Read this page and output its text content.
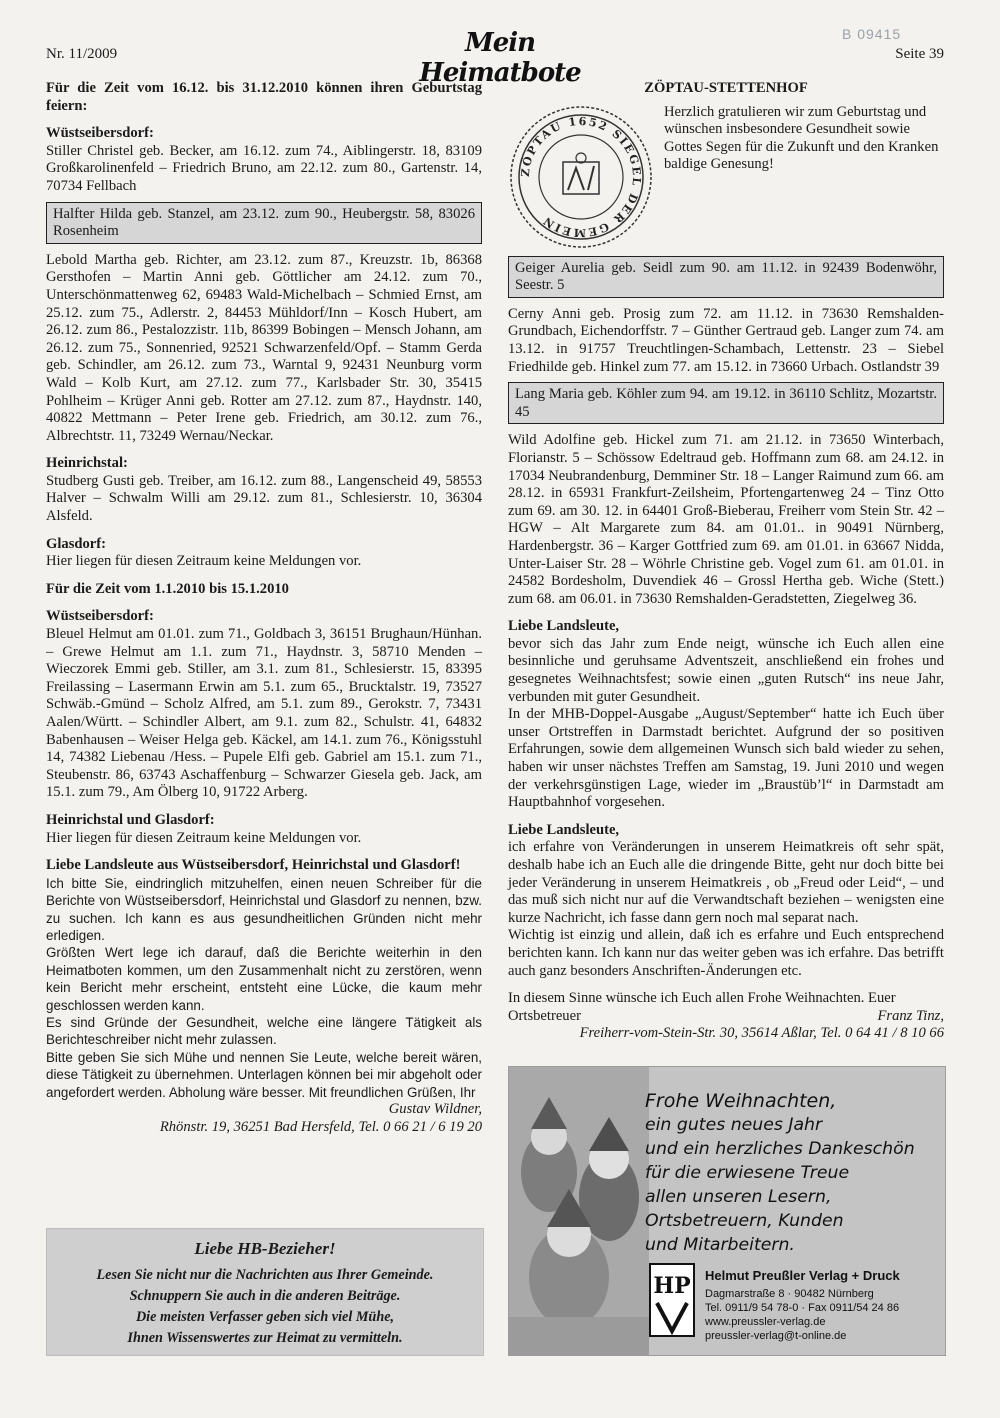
Nr. 11/2009	Mein Heimatbote
Seite 39
B 09415

Für die Zeit vom 16.12. bis 31.12.2010 können ihren Geburtstag feiern:

Wüstseibersdorf:

Stiller Christel geb. Becker, am 16.12. zum 74., Aiblingerstr. 18, 83109 Großkarolinenfeld – Friedrich Bruno, am 22.12. zum 80., Gartenstr. 14, 70734 Fellbach

Halfter Hilda geb. Stanzel, am 23.12. zum 90., Heubergstr. 58, 83026 Rosenheim

Lebold Martha geb. Richter, am 23.12. zum 87., Kreuzstr. 1b, 86368 Gersthofen – Martin Anni geb. Göttlicher am 24.12. zum 70., Unterschönmattenweg 62, 69483 Wald-Michelbach – Schmied Ernst, am 25.12. zum 75., Adlerstr. 2, 84453 Mühldorf/Inn – Kosch Hubert, am 26.12. zum 86., Pestalozzistr. 11b, 86399 Bobingen – Mensch Johann, am 26.12. zum 75., Sonnenried, 92521 Schwarzenfeld/Opf. – Stamm Gerda geb. Schindler, am 26.12. zum 73., Warntal 9, 92431 Neunburg vorm Wald – Kolb Kurt, am 27.12. zum 77., Karlsbader Str. 30, 35415 Pohlheim – Krüger Anni geb. Rotter am 27.12. zum 87., Haydnstr. 140, 40822 Mettmann – Peter Irene geb. Friedrich, am 30.12. zum 76., Albrechtstr. 11, 73249 Wernau/Neckar.

Heinrichstal:

Studberg Gusti geb. Treiber, am 16.12. zum 88., Langenscheid 49, 58553 Halver – Schwalm Willi am 29.12. zum 81., Schlesierstr. 10, 36304 Alsfeld.

Glasdorf:

Hier liegen für diesen Zeitraum keine Meldungen vor.

Für die Zeit vom 1.1.2010 bis 15.1.2010

Wüstseibersdorf:

Bleuel Helmut am 01.01. zum 71., Goldbach 3, 36151 Brughaun/Hünhan. – Grewe Helmut am 1.1. zum 71., Haydnstr. 3, 58710 Menden – Wieczorek Emmi geb. Stiller, am 3.1. zum 81., Schlesierstr. 15, 83395 Freilassing – Lasermann Erwin am 5.1. zum 65., Brucktalstr. 19, 73527 Schwäb.-Gmünd – Scholz Alfred, am 5.1. zum 89., Gerokstr. 7, 73431 Aalen/Württ. – Schindler Albert, am 9.1. zum 82., Schulstr. 41, 64832 Babenhausen – Weiser Helga geb. Käckel, am 14.1. zum 76., Königsstuhl 14, 74382 Liebenau /Hess. – Pupele Elfi geb. Gabriel am 15.1. zum 71., Steubenstr. 86, 63743 Aschaffenburg – Schwarzer Giesela geb. Jack, am 15.1. zum 79., Am Ölberg 10, 91722 Arberg.

Heinrichstal und Glasdorf:

Hier liegen für diesen Zeitraum keine Meldungen vor.

Liebe Landsleute aus Wüstseibersdorf, Heinrichstal und Glasdorf!

Ich bitte Sie, eindringlich mitzuhelfen, einen neuen Schreiber für die Berichte von Wüstseibersdorf, Heinrichstal und Glasdorf zu nennen, bzw. zu suchen. Ich kann es aus gesundheitlichen Gründen nicht mehr erledigen.

Größten Wert lege ich darauf, daß die Berichte weiterhin in den Heimatboten kommen, um den Zusammenhalt nicht zu zerstören, wenn kein Bericht mehr erscheint, entsteht eine Lücke, die kaum mehr geschlossen werden kann.

Es sind Gründe der Gesundheit, welche eine längere Tätigkeit als Berichteschreiber nicht mehr zulassen.

Bitte geben Sie sich Mühe und nennen Sie Leute, welche bereit wären, diese Tätigkeit zu übernehmen. Unterlagen können bei mir abgeholt oder angefordert werden. Abholung wäre besser. Mit freundlichen Grüßen, Ihr

Gustav Wildner,

Rhönstr. 19, 36251 Bad Hersfeld, Tel. 0 66 21 / 6 19 20

Liebe HB-Bezieher!
Lesen Sie nicht nur die Nachrichten aus Ihrer Gemeinde.
Schnuppern Sie auch in die anderen Beiträge.
Die meisten Verfasser geben sich viel Mühe,
Ihnen Wissenswertes zur Heimat zu vermitteln.

ZÖPTAU-STETTENHOF

ZÖPTAU 1652 SIEGEL DER GEMEIN

Herzlich gratulieren wir zum Geburtstag und wünschen insbesondere Gesundheit sowie Gottes Segen für die Zukunft und den Kranken baldige Genesung!

Geiger Aurelia geb. Seidl zum 90. am 11.12. in 92439 Bodenwöhr, Seestr. 5

Cerny Anni geb. Prosig zum 72. am 11.12. in 73630 Remshalden-Grundbach, Eichendorffstr. 7 – Günther Gertraud geb. Langer zum 74. am 13.12. in 91757 Treuchtlingen-Schambach, Lettenstr. 23 – Siebel Friedhilde geb. Hinkel zum 77. am 15.12. in 73660 Urbach. Ostlandstr 39

Lang Maria geb. Köhler zum 94. am 19.12. in 36110 Schlitz, Mozartstr. 45

Wild Adolfine geb. Hickel zum 71. am 21.12. in 73650 Winterbach, Florianstr. 5 – Schössow Edeltraud geb. Hoffmann zum 68. am 24.12. in 17034 Neubrandenburg, Demminer Str. 18 – Langer Raimund zum 66. am 28.12. in 65931 Frankfurt-Zeilsheim, Pfortengartenweg 24 – Tinz Otto zum 69. am 30. 12. in 64401 Groß-Bieberau, Freiherr vom Stein Str. 42 – HGW – Alt Margarete zum 84. am 01.01.. in 90491 Nürnberg, Hardenbergstr. 36 – Karger Gottfried zum 69. am 01.01. in 63667 Nidda, Unter-Laiser Str. 28 – Wöhrle Christine geb. Vogel zum 61. am 01.01. in 24582 Bordesholm, Duvendiek 46 – Grossl Hertha geb. Wiche (Stett.) zum 68. am 06.01. in 73630 Remshalden-Geradstetten, Ziegelweg 36.

Liebe Landsleute,

bevor sich das Jahr zum Ende neigt, wünsche ich Euch allen eine besinnliche und geruhsame Adventszeit, anschließend ein frohes und gesegnetes Weihnachtsfest; sowie einen „guten Rutsch“ ins neue Jahr, verbunden mit guter Gesundheit.

In der MHB-Doppel-Ausgabe „August/September“ hatte ich Euch über unser Ortstreffen in Darmstadt berichtet. Aufgrund der so positiven Erfahrungen, sowie dem allgemeinen Wunsch sich bald wieder zu sehen, haben wir unser nächstes Treffen am Samstag, 19. Juni 2010 und wegen der verkehrsgünstigen Lage, wieder im „Braustüb’l“ in Darmstadt am Hauptbahnhof vorgesehen.

Liebe Landsleute,

ich erfahre von Veränderungen in unserem Heimatkreis oft sehr spät, deshalb habe ich an Euch alle die dringende Bitte, geht nur doch bitte bei jeder Veränderung in unserem Heimatkreis , ob „Freud oder Leid“, – und das muß sich nicht nur auf die Verwandtschaft beziehen – wenigsten eine kurze Nachricht, ich fasse dann gern noch mal separat nach.

Wichtig ist einzig und allein, daß ich es erfahre und Euch entsprechend berichten kann. Ich kann nur das weiter geben was ich erfahre. Das betrifft auch ganz besonders Anschriften-Änderungen etc.

In diesem Sinne wünsche ich Euch allen Frohe Weihnachten. Euer

Ortsbetreuer	Franz Tinz,

Freiherr-vom-Stein-Str. 30, 35614 Aßlar, Tel. 0 64 41 / 8 10 66

Frohe Weihnachten,
ein gutes neues Jahr
und ein herzliches Dankeschön
für die erwiesene Treue
allen unseren Lesern,
Ortsbetreuern, Kunden
und Mitarbeitern.
HP Helmut Preußler Verlag + Druck
Dagmarstraße 8 · 90482 Nürnberg
Tel. 0911/9 54 78-0 · Fax 0911/54 24 86
www.preussler-verlag.de
preussler-verlag@t-online.de
